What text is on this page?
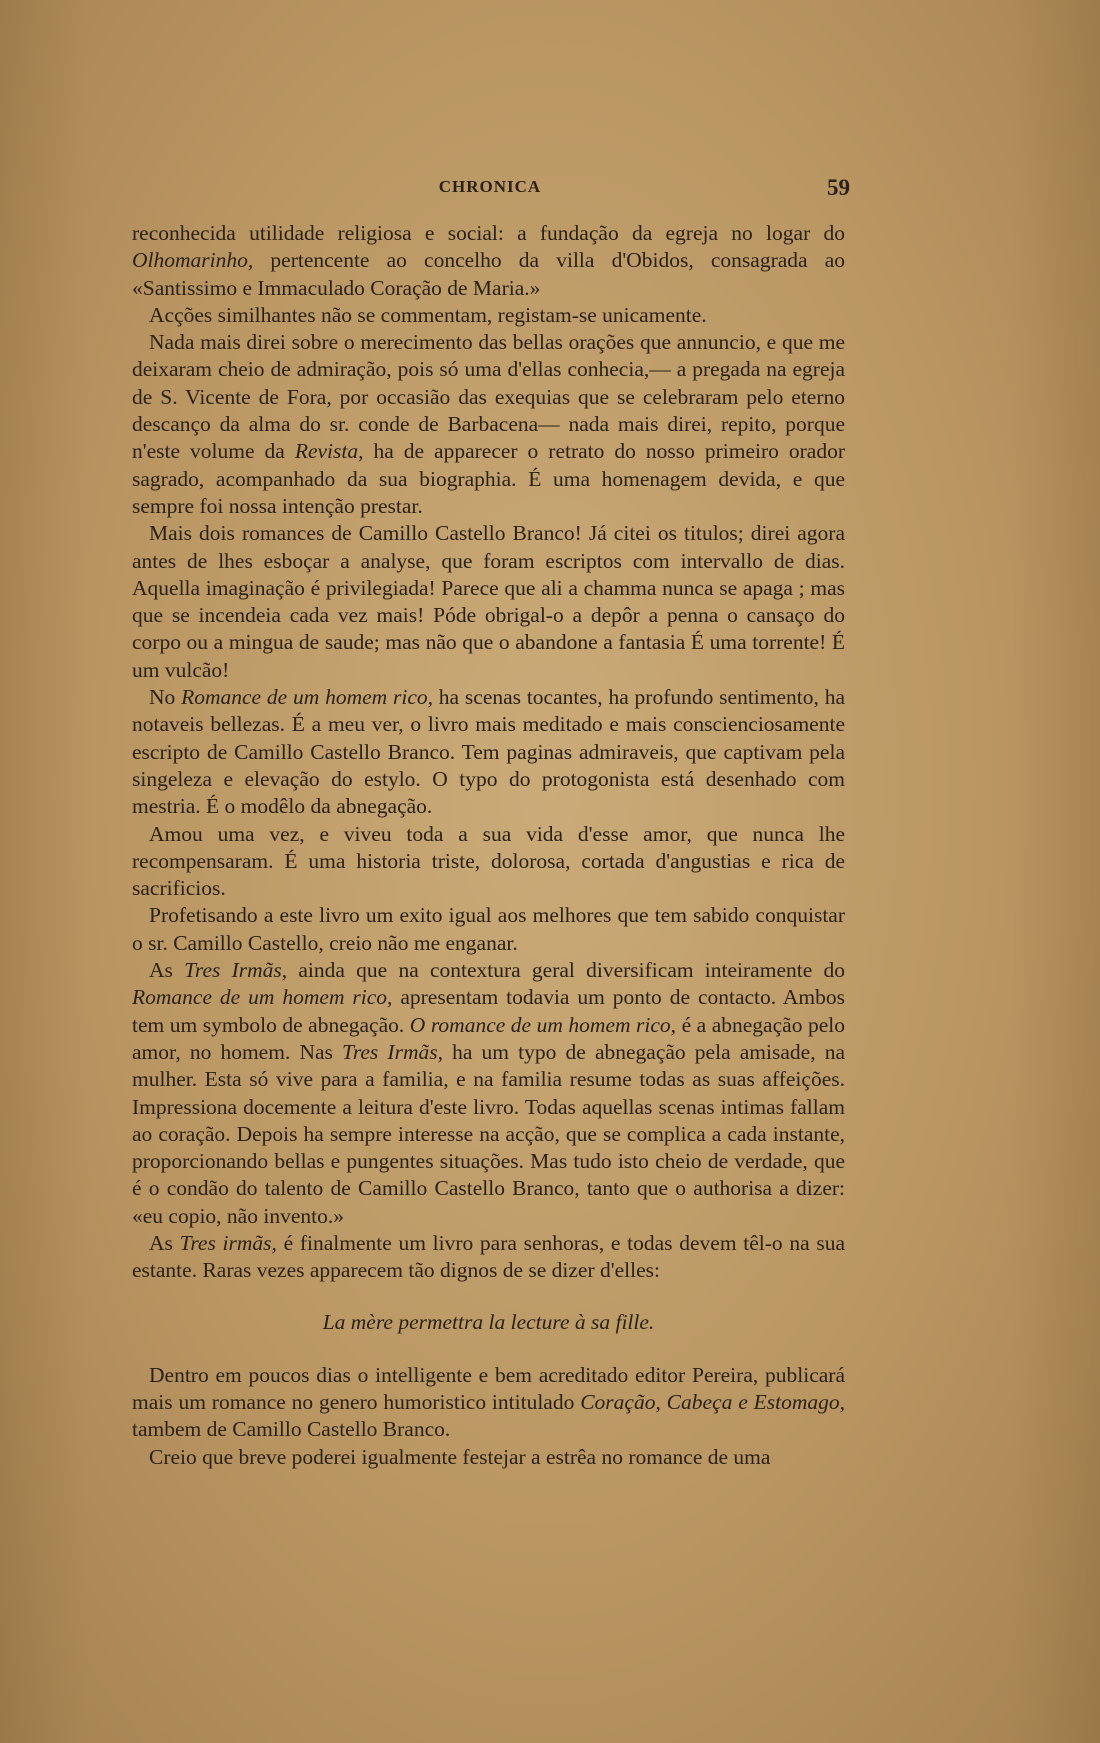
CHRONICA	59

reconhecida utilidade religiosa e social: a fundação da egreja no logar do Olhomarinho, pertencente ao concelho da villa d'Obidos, consagrada ao «Santissimo e Immaculado Coração de Maria.»

Acções similhantes não se commentam, registam-se unicamente.

Nada mais direi sobre o merecimento das bellas orações que annuncio, e que me deixaram cheio de admiração, pois só uma d'ellas conhecia,— a pregada na egreja de S. Vicente de Fora, por occasião das exequias que se celebraram pelo eterno descanço da alma do sr. conde de Barbacena— nada mais direi, repito, porque n'este volume da Revista, ha de apparecer o retrato do nosso primeiro orador sagrado, acompanhado da sua biographia. É uma homenagem devida, e que sempre foi nossa intenção prestar.

Mais dois romances de Camillo Castello Branco! Já citei os titulos; direi agora antes de lhes esboçar a analyse, que foram escriptos com intervallo de dias. Aquella imaginação é privilegiada! Parece que ali a chamma nunca se apaga ; mas que se incendeia cada vez mais! Póde obrigal-o a depôr a penna o cansaço do corpo ou a mingua de saude; mas não que o abandone a fantasia É uma torrente! É um vulcão!

No Romance de um homem rico, ha scenas tocantes, ha profundo sentimento, ha notaveis bellezas. É a meu ver, o livro mais meditado e mais conscienciosamente escripto de Camillo Castello Branco. Tem paginas admiraveis, que captivam pela singeleza e elevação do estylo. O typo do protogonista está desenhado com mestria. É o modêlo da abnegação.

Amou uma vez, e viveu toda a sua vida d'esse amor, que nunca lhe recompensaram. É uma historia triste, dolorosa, cortada d'angustias e rica de sacrificios.

Profetisando a este livro um exito igual aos melhores que tem sabido conquistar o sr. Camillo Castello, creio não me enganar.

As Tres Irmãs, ainda que na contextura geral diversificam inteiramente do Romance de um homem rico, apresentam todavia um ponto de contacto. Ambos tem um symbolo de abnegação. O romance de um homem rico, é a abnegação pelo amor, no homem. Nas Tres Irmãs, ha um typo de abnegação pela amisade, na mulher. Esta só vive para a familia, e na familia resume todas as suas affeições. Impressiona docemente a leitura d'este livro. Todas aquellas scenas intimas fallam ao coração. Depois ha sempre interesse na acção, que se complica a cada instante, proporcionando bellas e pungentes situações. Mas tudo isto cheio de verdade, que é o condão do talento de Camillo Castello Branco, tanto que o authorisa a dizer: «eu copio, não invento.»

As Tres irmãs, é finalmente um livro para senhoras, e todas devem têl-o na sua estante. Raras vezes apparecem tão dignos de se dizer d'elles:

La mère permettra la lecture à sa fille.

Dentro em poucos dias o intelligente e bem acreditado editor Pereira, publicará mais um romance no genero humoristico intitulado Coração, Cabeça e Estomago, tambem de Camillo Castello Branco.

Creio que breve poderei igualmente festejar a estrêa no romance de uma
